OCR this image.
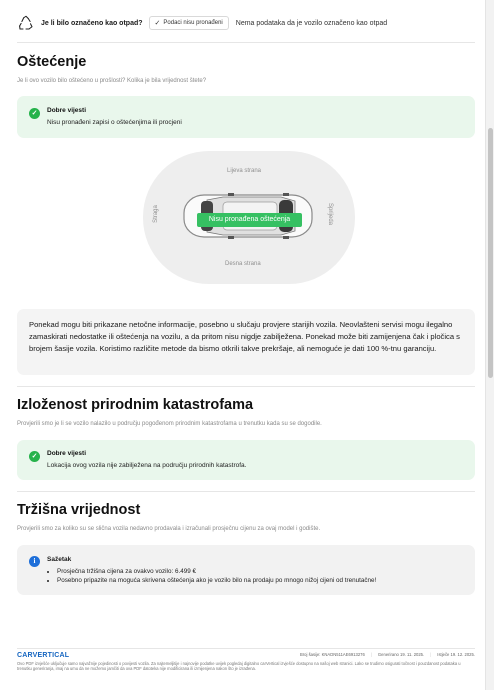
Je li bilo označeno kao otpad? ✓ Podaci nisu pronađeni Nema podataka da je vozilo označeno kao otpad
Oštećenje
Je li ovo vozilo bilo oštećeno u prošlosti? Kolika je bila vrijednost štete?
✓	Dobre vijesti
Nisu pronađeni zapisi o oštećenjima ili procjeni
Lijeva strana
Desna strana
Straga	Sprijeda
Nisu pronađena oštećenja
Ponekad mogu biti prikazane netočne informacije, posebno u slučaju provjere starijih vozila. Neovlašteni servisi mogu ilegalno zamaskirati nedostatke ili oštećenja na vozilu, a da pritom nisu nigdje zabilježena. Ponekad može biti zamijenjena čak i pločica s brojem šasije vozila. Koristimo različite metode da bismo otkrili takve prekršaje, ali nemoguće je dati 100 %-tnu garanciju.
Izloženost prirodnim katastrofama
Provjerili smo je li se vozilo nalazilo u području pogođenom prirodnim katastrofama u trenutku kada su se dogodile.
✓	Dobre vijesti
Lokacija ovog vozila nije zabilježena na području prirodnih katastrofa.
Tržišna vrijednost
Provjerili smo za koliko su se slična vozila nedavno prodavala i izračunali prosječnu cijenu za ovaj model i godište.
i	Sažetak
• Prosječna tržišna cijena za ovakvo vozilo: 6.499 €
• Posebno pripazite na moguća skrivena oštećenja ako je vozilo bilo na prodaju po mnogo nižoj cijeni od trenutačne!
CARVERTICAL	Broj šasije: KNADN511AE6913276 | Generirano 19. 11. 2025. | Istječe 19. 12. 2025.
Ovo PDF izvješće uključuje samo najvažnije pojedinosti o povijesti vozila. Za najtemeljitije i najnovije podatke uvijek pogledaj digitalno carVertical izvješće dostupno na našoj web stranici. Lako se trudimo osigurati točnost i pouzdanost podataka u trenutku generiranja, imaj na umu da ne možemo jamčiti da ova PDF datoteka nije modificirana ili izmijenjena nakon što je izrađena.
